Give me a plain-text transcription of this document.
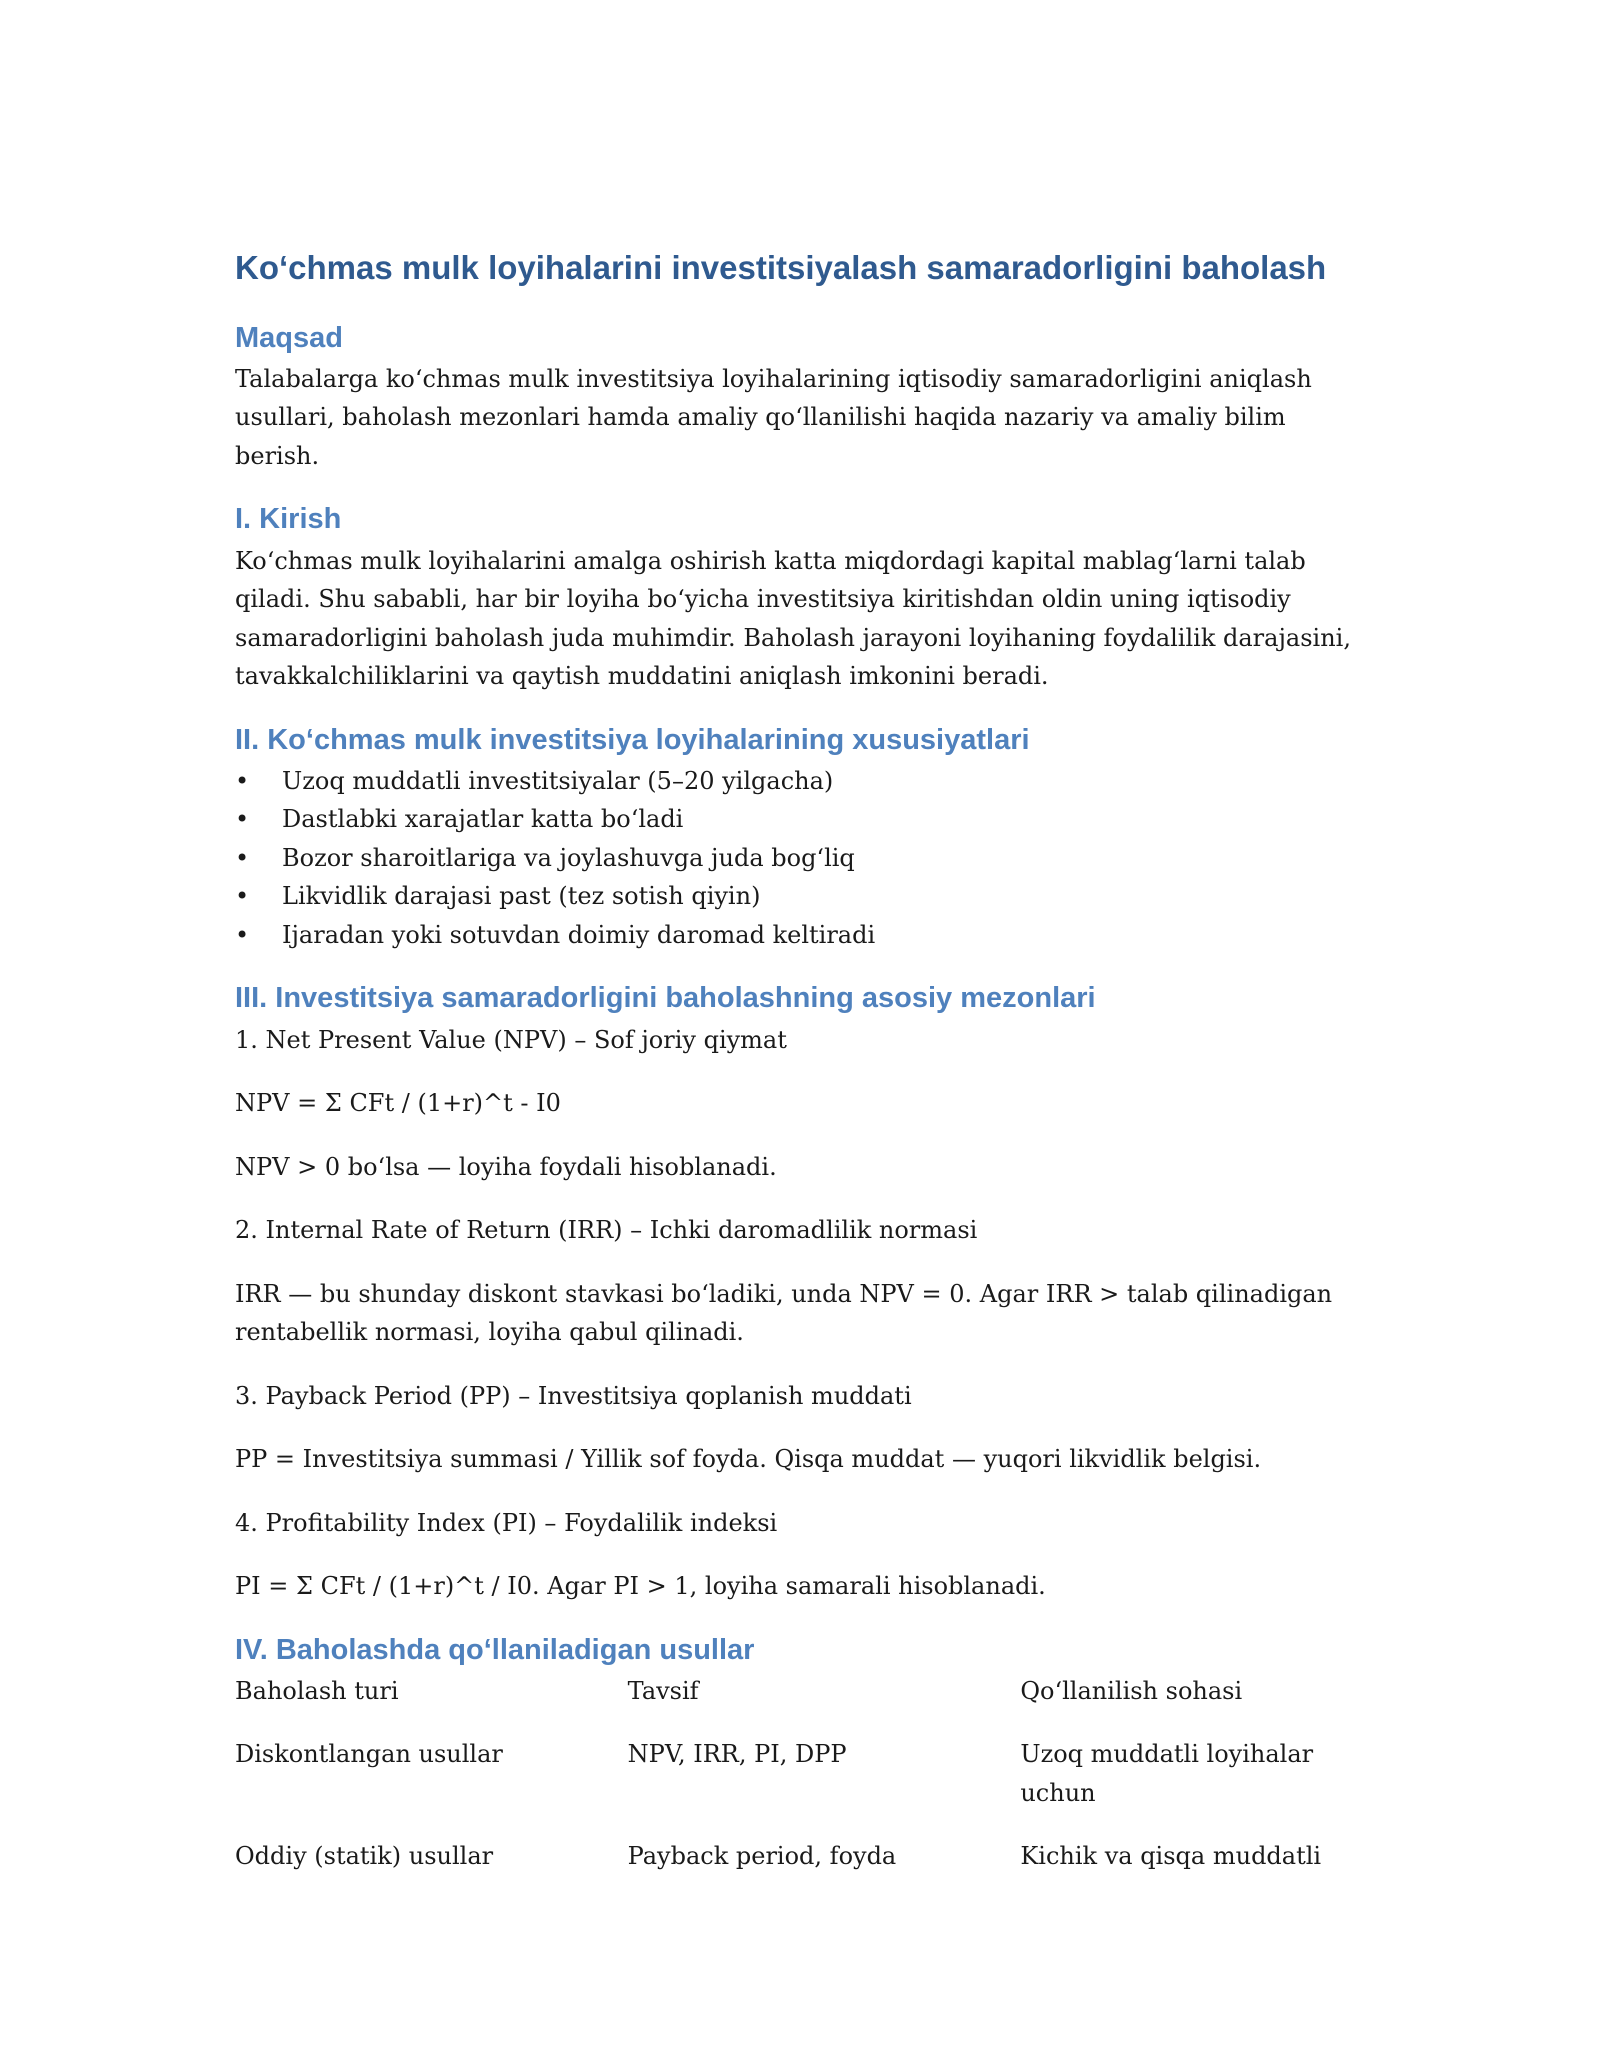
Ko‘chmas mulk loyihalarini investitsiyalash samaradorligini baholash
Maqsad

Talabalarga ko‘chmas mulk investitsiya loyihalarining iqtisodiy samaradorligini aniqlash usullari, baholash mezonlari hamda amaliy qo‘llanilishi haqida nazariy va amaliy bilim berish.

I. Kirish

Ko‘chmas mulk loyihalarini amalga oshirish katta miqdordagi kapital mablag‘larni talab qiladi. Shu sababli, har bir loyiha bo‘yicha investitsiya kiritishdan oldin uning iqtisodiy samaradorligini baholash juda muhimdir. Baholash jarayoni loyihaning foydalilik darajasini, tavakkalchiliklarini va qaytish muddatini aniqlash imkonini beradi.

II. Ko‘chmas mulk investitsiya loyihalarining xususiyatlari
• Uzoq muddatli investitsiyalar (5–20 yilgacha)
• Dastlabki xarajatlar katta bo‘ladi
• Bozor sharoitlariga va joylashuvga juda bog‘liq
• Likvidlik darajasi past (tez sotish qiyin)
• Ijaradan yoki sotuvdan doimiy daromad keltiradi
III. Investitsiya samaradorligini baholashning asosiy mezonlari

1. Net Present Value (NPV) – Sof joriy qiymat

NPV = Σ CFt / (1+r)^t - I0

NPV > 0 bo‘lsa — loyiha foydali hisoblanadi.

2. Internal Rate of Return (IRR) – Ichki daromadlilik normasi

IRR — bu shunday diskont stavkasi bo‘ladiki, unda NPV = 0. Agar IRR > talab qilinadigan rentabellik normasi, loyiha qabul qilinadi.

3. Payback Period (PP) – Investitsiya qoplanish muddati

PP = Investitsiya summasi / Yillik sof foyda. Qisqa muddat — yuqori likvidlik belgisi.

4. Profitability Index (PI) – Foydalilik indeksi

PI = Σ CFt / (1+r)^t / I0. Agar PI > 1, loyiha samarali hisoblanadi.

IV. Baholashda qo‘llaniladigan usullar
Baholash turi	Tavsif	Qo‘llanilish sohasi
Diskontlangan usullar	NPV, IRR, PI, DPP	Uzoq muddatli loyihalar uchun
Oddiy (statik) usullar	Payback period, foyda	Kichik va qisqa muddatli
